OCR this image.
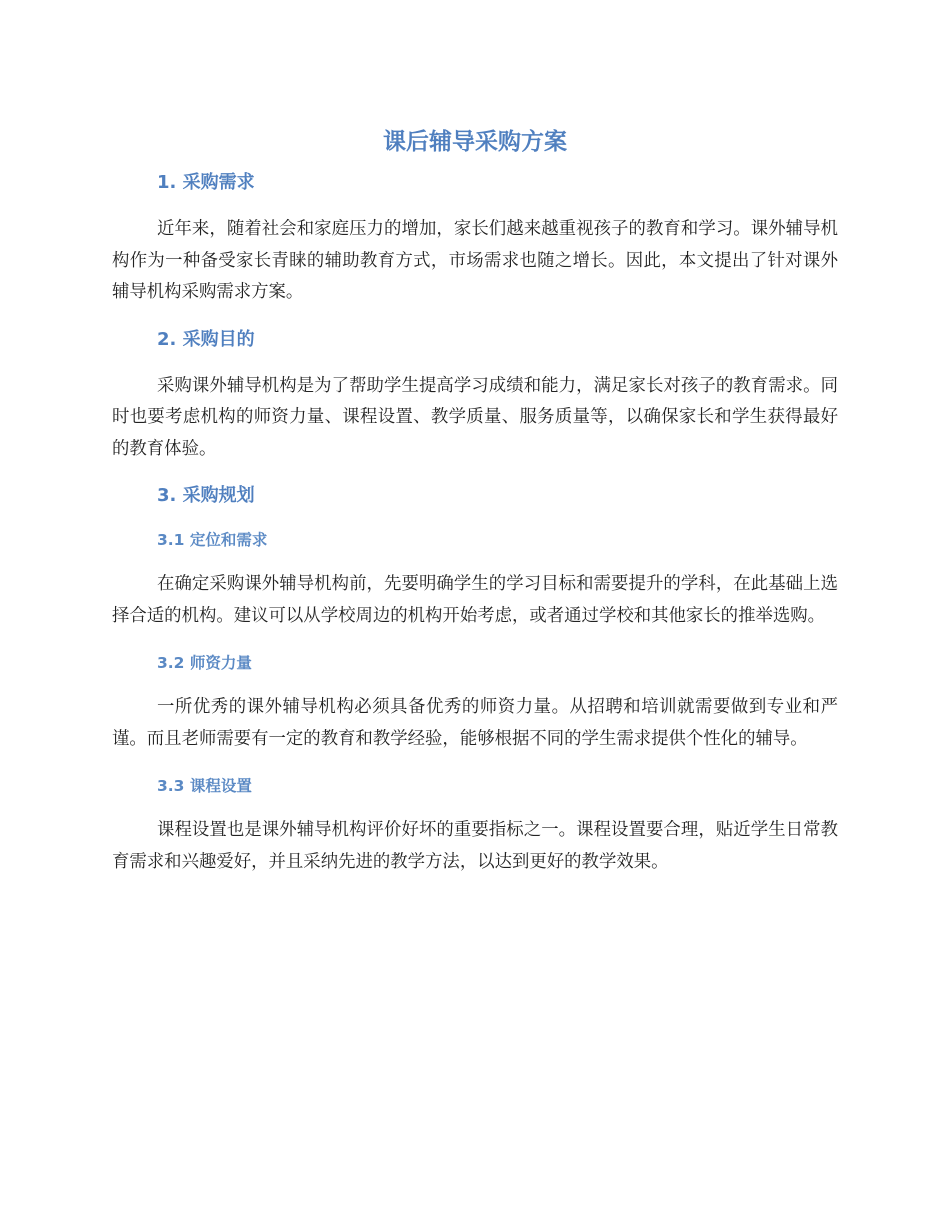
课后辅导采购方案
1. 采购需求

近年来，随着社会和家庭压力的增加，家长们越来越重视孩子的教育和学习。课外辅导机构作为一种备受家长青睐的辅助教育方式，市场需求也随之增长。因此，本文提出了针对课外辅导机构采购需求方案。

2. 采购目的

采购课外辅导机构是为了帮助学生提高学习成绩和能力，满足家长对孩子的教育需求。同时也要考虑机构的师资力量、课程设置、教学质量、服务质量等，以确保家长和学生获得最好的教育体验。

3. 采购规划
3.1 定位和需求

在确定采购课外辅导机构前，先要明确学生的学习目标和需要提升的学科，在此基础上选择合适的机构。建议可以从学校周边的机构开始考虑，或者通过学校和其他家长的推举选购。

3.2 师资力量

一所优秀的课外辅导机构必须具备优秀的师资力量。从招聘和培训就需要做到专业和严谨。而且老师需要有一定的教育和教学经验，能够根据不同的学生需求提供个性化的辅导。

3.3 课程设置

课程设置也是课外辅导机构评价好坏的重要指标之一。课程设置要合理，贴近学生日常教育需求和兴趣爱好，并且采纳先进的教学方法，以达到更好的教学效果。
